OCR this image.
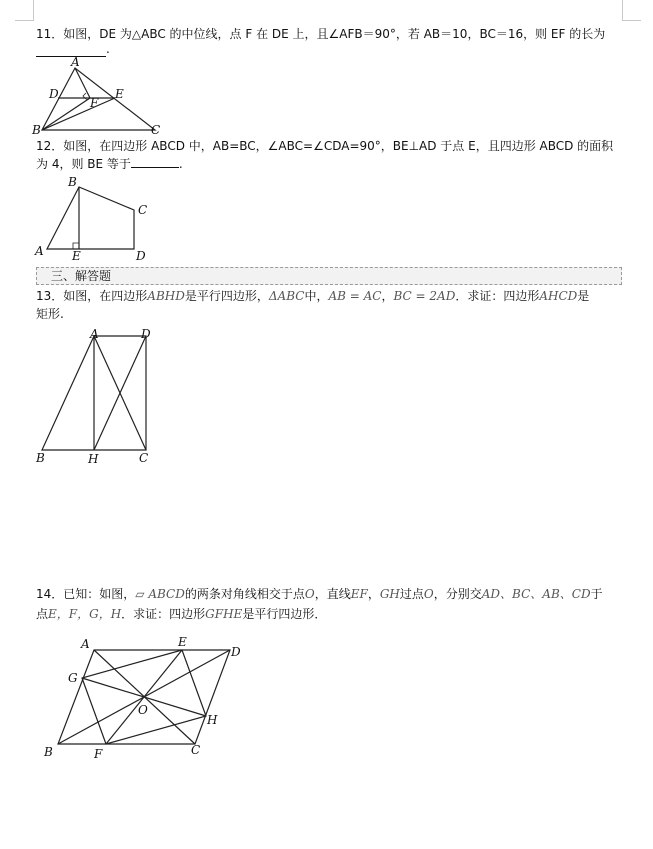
11．如图，DE 为△ABC 的中位线，点 F 在 DE 上，且∠AFB＝90°，若 AB＝10，BC＝16，则 EF 的长为
.
A
B	C
D	E
F
12．如图，在四边形 ABCD 中，AB=BC，∠ABC=∠CDA=90°，BE⊥AD 于点 E，且四边形 ABCD 的面积
为 4，则 BE 等于	.
A
B
C
D
E
三、解答题
13．如图，在四边形ABHD是平行四边形，ΔABC中，AB = AC，BC = 2AD．求证：四边形AHCD是
矩形.
A	D
B	H	C
14．已知：如图，▱ ABCD的两条对角线相交于点O，直线EF，GH过点O，分别交AD、BC、AB、CD于
点E，F，G，H．求证：四边形GFHE是平行四边形．
A	E
D
G
O
H
B	F	C
